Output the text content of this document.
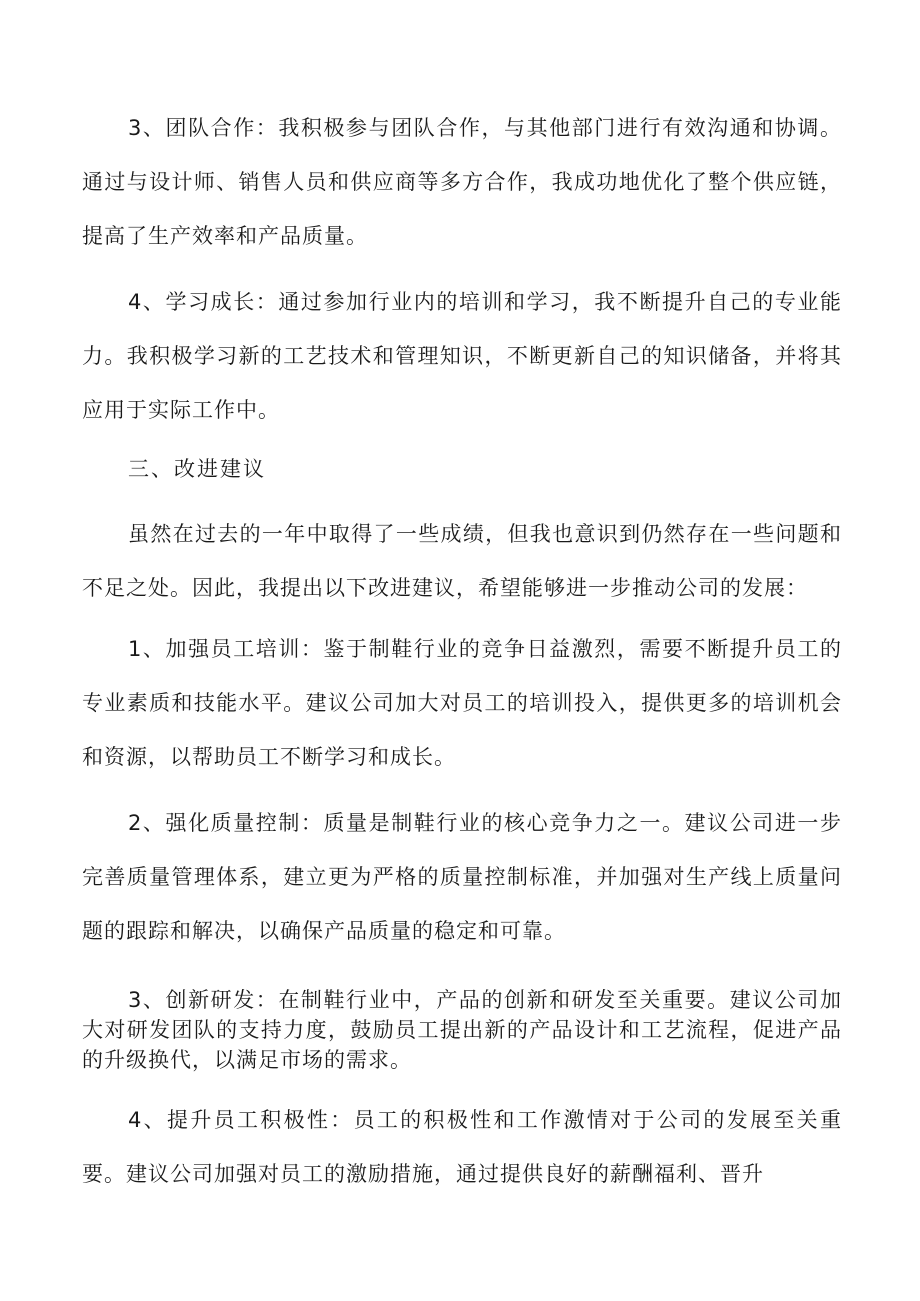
3、团队合作：我积极参与团队合作，与其他部门进行有效沟通和协调。通过与设计师、销售人员和供应商等多方合作，我成功地优化了整个供应链，提高了生产效率和产品质量。

4、学习成长：通过参加行业内的培训和学习，我不断提升自己的专业能力。我积极学习新的工艺技术和管理知识，不断更新自己的知识储备，并将其应用于实际工作中。

三、改进建议

虽然在过去的一年中取得了一些成绩，但我也意识到仍然存在一些问题和不足之处。因此，我提出以下改进建议，希望能够进一步推动公司的发展：

1、加强员工培训：鉴于制鞋行业的竞争日益激烈，需要不断提升员工的专业素质和技能水平。建议公司加大对员工的培训投入，提供更多的培训机会和资源，以帮助员工不断学习和成长。

2、强化质量控制：质量是制鞋行业的核心竞争力之一。建议公司进一步完善质量管理体系，建立更为严格的质量控制标准，并加强对生产线上质量问题的跟踪和解决，以确保产品质量的稳定和可靠。

3、创新研发：在制鞋行业中，产品的创新和研发至关重要。建议公司加大对研发团队的支持力度，鼓励员工提出新的产品设计和工艺流程，促进产品的升级换代，以满足市场的需求。

4、提升员工积极性：员工的积极性和工作激情对于公司的发展至关重要。建议公司加强对员工的激励措施，通过提供良好的薪酬福利、晋升
